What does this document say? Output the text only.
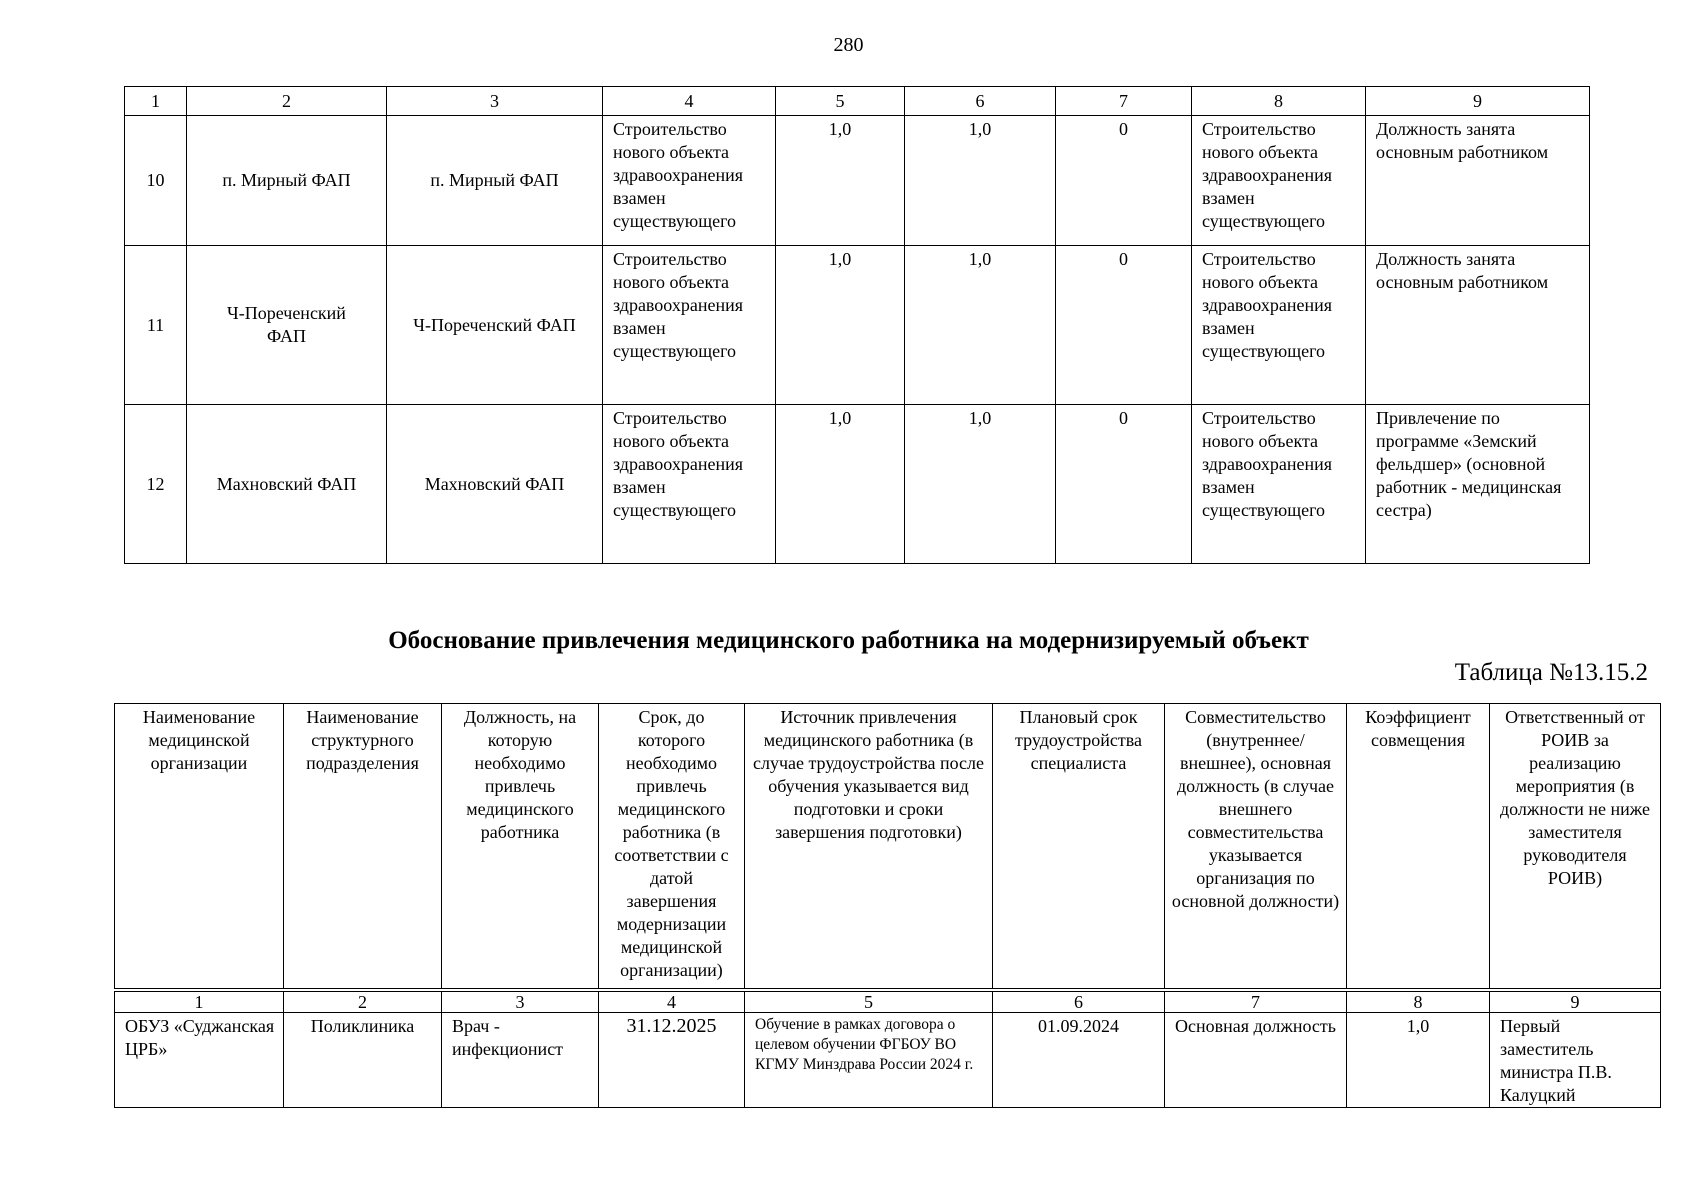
280
1	2	3	4	5	6	7	8	9
10	п. Мирный ФАП	п. Мирный ФАП	Строительство нового объекта здравоохранения взамен существующего	1,0	1,0	0	Строительство нового объекта здравоохранения взамен существующего	Должность занята основным работником
11	Ч-Пореченский ФАП	Ч-Пореченский ФАП	Строительство нового объекта здравоохранения взамен существующего	1,0	1,0	0	Строительство нового объекта здравоохранения взамен существующего	Должность занята основным работником
12	Махновский ФАП	Махновский ФАП	Строительство нового объекта здравоохранения взамен существующего	1,0	1,0	0	Строительство нового объекта здравоохранения взамен существующего	Привлечение по программе «Земский фельдшер» (основной работник - медицинская сестра)
Обоснование привлечения медицинского работника на модернизируемый объект
Таблица №13.15.2
Наименование медицинской организации	Наименование структурного подразделения	Должность, на которую необходимо привлечь медицинского работника	Срок, до которого необходимо привлечь медицинского работника (в соответствии с датой завершения модернизации медицинской организации)	Источник привлечения медицинского работника (в случае трудоустройства после обучения указывается вид подготовки и сроки завершения подготовки)	Плановый срок трудоустройства специалиста	Совместительство (внутреннее/внешнее), основная должность (в случае внешнего совместительства указывается организация по основной должности)	Коэффициент совмещения	Ответственный от РОИВ за реализацию мероприятия (в должности не ниже заместителя руководителя РОИВ)
1	2	3	4	5	6	7	8	9
ОБУЗ «Суджанская ЦРБ»	Поликлиника	Врач - инфекционист	31.12.2025	Обучение в рамках договора о целевом обучении ФГБОУ ВО КГМУ Минздрава России 2024 г.	01.09.2024	Основная должность	1,0	Первый заместитель министра П.В. Калуцкий
